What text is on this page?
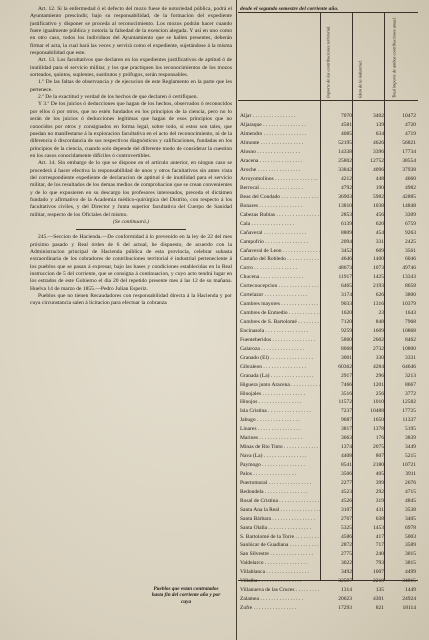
Art. 12. Si la enfermedad ó el defecto del mozo fuese de notoriedad pública, podrá el Ayuntamiento prescindir, bajo su responsabilidad, de la formacion del expediente justificativo y disponer se proceda al reconocimiento. Los mozos podrán hacer cuando fuere igualmente pública y notoria la falsedad de la exencion alegada. Y así en uno como en otro caso, todos los individuos del Ayuntamiento que se hallen presentes, deberán firmar el acta, la cual hará las veces y servirá como el expediente, sujetándose á la misma responsabilidad que este.

Art. 13. Los facultativos que declaren en los expedientes justificativos de aptitud ó de inutilidad para el servicio militar, y los que practiquen los reconocimientos de los mozos sorteados, quintos, suplentes, sustitutos y prófugos, serán responsables.

1.º De las faltas de observancia y de ejecucion de este Reglamento en la parte que les pertenece.

2.º De la exactitud y verdad de los hechos de que declaren ó certifiquen.

Y 3.º De los juicios ó deducciones que hagan de los hechos, observados ó reconocidos por ellos ó por otros, que no estén fundados en los principios de la ciencia, pero no lo serán de los juicios ó deducciones legítimas que hagan de esos principios que no conocidos por otros y consignados en forma legal, sobre todo, si estos son tales, que puedan no manifestarse á la exploracion facultativa en el acto del reconocimiento, ni de la diferencia ó discordancia de sus respectivos diagnósticos y calificaciones, fundadas en los principios de la ciencia, cuando solo depende del diferente modo de considerar la cuestion en los casos conocidamente difíciles ó controvertibles.

Art. 14. Sin embargo de lo que se dispone en el artículo anterior, en ningun caso se procederá á hacer efectiva la responsabilidad de unos y otros facultativos sin antes vista del correspondiente expediente de declaracion de aptitud ó de inutilidad para el servicio militar, de los resultados de los demas medios de comprobacion que se crean convenientes y de lo que expusieren en su descargo los profesores interesados, preceda el dictámen fundado y afirmativo de la Academia médico-quirúrgica del Distrito, con respecto á los facultativos civiles, y del Director y Junta superior facultativa del Cuerpo de Sanidad militar, respecto de los Oficiales del mismo.

(Se continuará.)

245.—Seccion de Hacienda.—De conformidad á lo prevenido en la ley de 22 del mes próximo pasado y Real órden de 6 del actual, he dispuesto, de acuerdo con la Administracion principal de Hacienda pública de esta provincia, celebrar subasta extraordinaria de los cobradores de contribuciones territorial é industrial perteneciente á los pueblos que se pasan á expresar, bajo las bases y condiciones establecidas en la Real instruccion de 5 del corriente, que se consigna á continuacion, y cuyo acto tendrá lugar en los estrados de este Gobierno el dia 20 del repetido presente mes á las 12 de su mañana. Huelva 14 de marzo de 1855.—Pedro Julian Esperiz.

Pueblos que no tienen Recaudadores con responsabilidad directa á la Hacienda y por cuya circunstancia salen á licitacion para efectuar la cobranza

desde el segundo semestre del corriente año.
Importe de las contribuciones territorial.	Idem de la industrial.	Total importe de ambas contribuciones anual.
Aljar . . .	7070	3402	10472
Aljaraque . . .	4581	139	4720
Almendro . . .	4085	634	4719
Almonte . . .	52195	4626	56821
Alosno . . .	14338	3396	17734
Aracena . . .	25802	12752	38554
Aroche . . .	33842	4096	37938
Arroyomolinos . . .	4212	448	4660
Berrocal . . .	4792	190	4982
Beas del Condado . . .	36903	5982	42885
Bonares . . .	13810	1038	14848
Cabezas Rubias . . .	2853	456	3309
Cala . . .	6139	620	6759
Cañaveral . . .	8809	454	9263
Campofrío . . .	2094	331	2425
Cañaveral de Leon . . .	3452	609	3561
Castaño del Robledo . . .	4646	1400	6046
Corro . . .	48673	1073	49746
Chucena . . .	11917	1425	13343
Cortecoucepcion . . .	6465	2193	8658
Cortelazor . . .	3174	626	3800
Cumbres mayores . . .	9033	1316	10379
Cumbres de Enmedio . . .	1620	23	1643
Cumbres de S. Bartolomé . . .	7120	848	7968
Encinasola . . .	9259	1609	10868
Fuenteheridos . . .	5860	2602	8462
Galaroza . . .	8068	2732	10800
Granado (El) . . .	3001	330	3331
Gibraleon . . .	60362	4284	64646
Granada (La) . . .	2917	296	3213
Higuera junto Aracena . . .	7466	1201	8667
Hinojales . . .	3516	256	3772
Hinojos . . .	11572	1010	12582
Isla Cristina . . .	7237	10488	17725
Jabugo . . .	9687	1650	11337
Linares . . .	3817	1378	5195
Marines . . .	3663	176	3839
Minas de Rio Tinto . . .	1374	2075	3449
Nava (La) . . .	4408	807	5215
Paymogo . . .	8541	2180	10721
Palos . . .	3506	405	3911
Puertomoral . . .	2277	399	2676
Redondela . . .	4523	292	4715
Rosal de Cristina . . .	4526	319	4845
Santa Ana la Real . . .	3107	431	3538
Santa Bárbara . . .	2767	638	3405
Santa Olalla . . .	5325	1453	6978
S. Bartolomé de la Torre . . .	4586	417	5003
Sanlúcar de Guadiana . . .	2872	717	3589
San Silvestre . . .	2775	240	3015
Valdelarco . . .	3022	793	3815
Villablanca . . .	3492	1007	4499
Villalba . . .	32597	2218	34815
Villanueva de las Cruces . . .	1314	135	1449
Zalamea . . .	20623	4301	24924
Zufre . . .	17293	821	18114
Pueblos que estan contratados hasta fin del corriente año y por cuya
